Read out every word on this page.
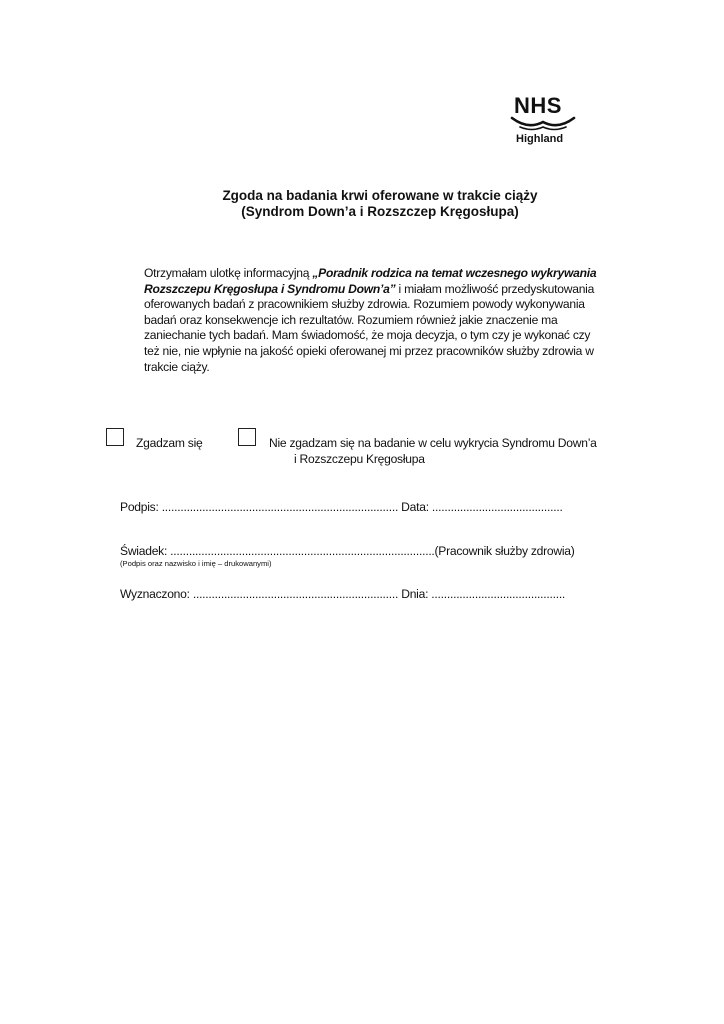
NHS
Highland
Zgoda na badania krwi oferowane w trakcie ciąży
(Syndrom Down’a i Rozszczep Kręgosłupa)
Otrzymałam ulotkę informacyjną „Poradnik rodzica na temat wczesnego wykrywania
Rozszczepu Kręgosłupa i Syndromu Down’a” i miałam możliwość przedyskutowania
oferowanych badań z pracownikiem służby zdrowia. Rozumiem powody wykonywania
badań oraz konsekwencje ich rezultatów. Rozumiem również jakie znaczenie ma
zaniechanie tych badań. Mam świadomość, że moja decyzja, o tym czy je wykonać czy
też nie, nie wpłynie na jakość opieki oferowanej mi przez pracowników służby zdrowia w
trakcie ciąży.
Zgadzam się	Nie zgadzam się na badanie w celu wykrycia Syndromu Down’a
i Rozszczepu Kręgosłupa
Podpis: ............................................................................ Data: ..........................................
Świadek: .....................................................................................(Pracownik służby zdrowia)
(Podpis oraz nazwisko i imię – drukowanymi)
Wyznaczono: .................................................................. Dnia: ...........................................
